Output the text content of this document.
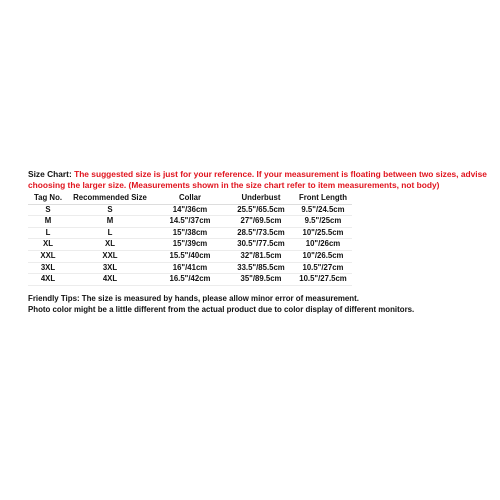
Size Chart: The suggested size is just for your reference. If your measurement is floating between two sizes, advise
choosing the larger size. (Measurements shown in the size chart refer to item measurements, not body)
Tag No.	Recommended Size	Collar	Underbust	Front Length
S	S	14"/36cm	25.5"/65.5cm	9.5"/24.5cm
M	M	14.5"/37cm	27"/69.5cm	9.5"/25cm
L	L	15"/38cm	28.5"/73.5cm	10"/25.5cm
XL	XL	15"/39cm	30.5"/77.5cm	10"/26cm
XXL	XXL	15.5"/40cm	32"/81.5cm	10"/26.5cm
3XL	3XL	16"/41cm	33.5"/85.5cm	10.5"/27cm
4XL	4XL	16.5"/42cm	35"/89.5cm	10.5"/27.5cm
Friendly Tips: The size is measured by hands, please allow minor error of measurement.
Photo color might be a little different from the actual product due to color display of different monitors.
